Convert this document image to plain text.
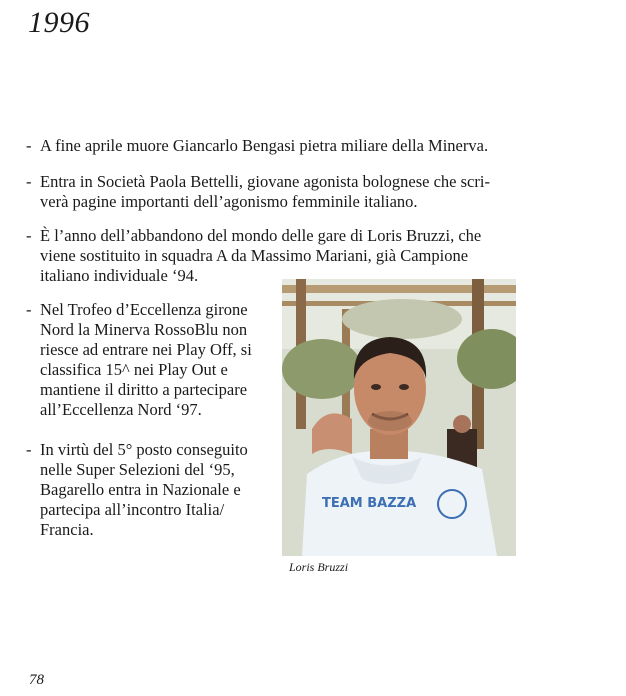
1996
- A fine aprile muore Giancarlo Bengasi pietra miliare della Minerva.
- Entra in Società Paola Bettelli, giovane agonista bolognese che scri-verà pagine importanti dell’agonismo femminile italiano.
- È l’anno dell’abbandono del mondo delle gare di Loris Bruzzi, che viene sostituito in squadra A da Massimo Mariani, già Campione italiano individuale ‘94.
- Nel Trofeo d’Eccellenza girone Nord la Minerva RossoBlu non riesce ad entrare nei Play Off, si classifica 15^ nei Play Out e mantiene il diritto a partecipare all’Eccellenza Nord ‘97.
- In virtù del 5° posto conseguito nelle Super Selezioni del ‘95, Bagarello entra in Nazionale e partecipa all’incontro Italia/ Francia.
TEAM BAZZA
Loris Bruzzi
78
